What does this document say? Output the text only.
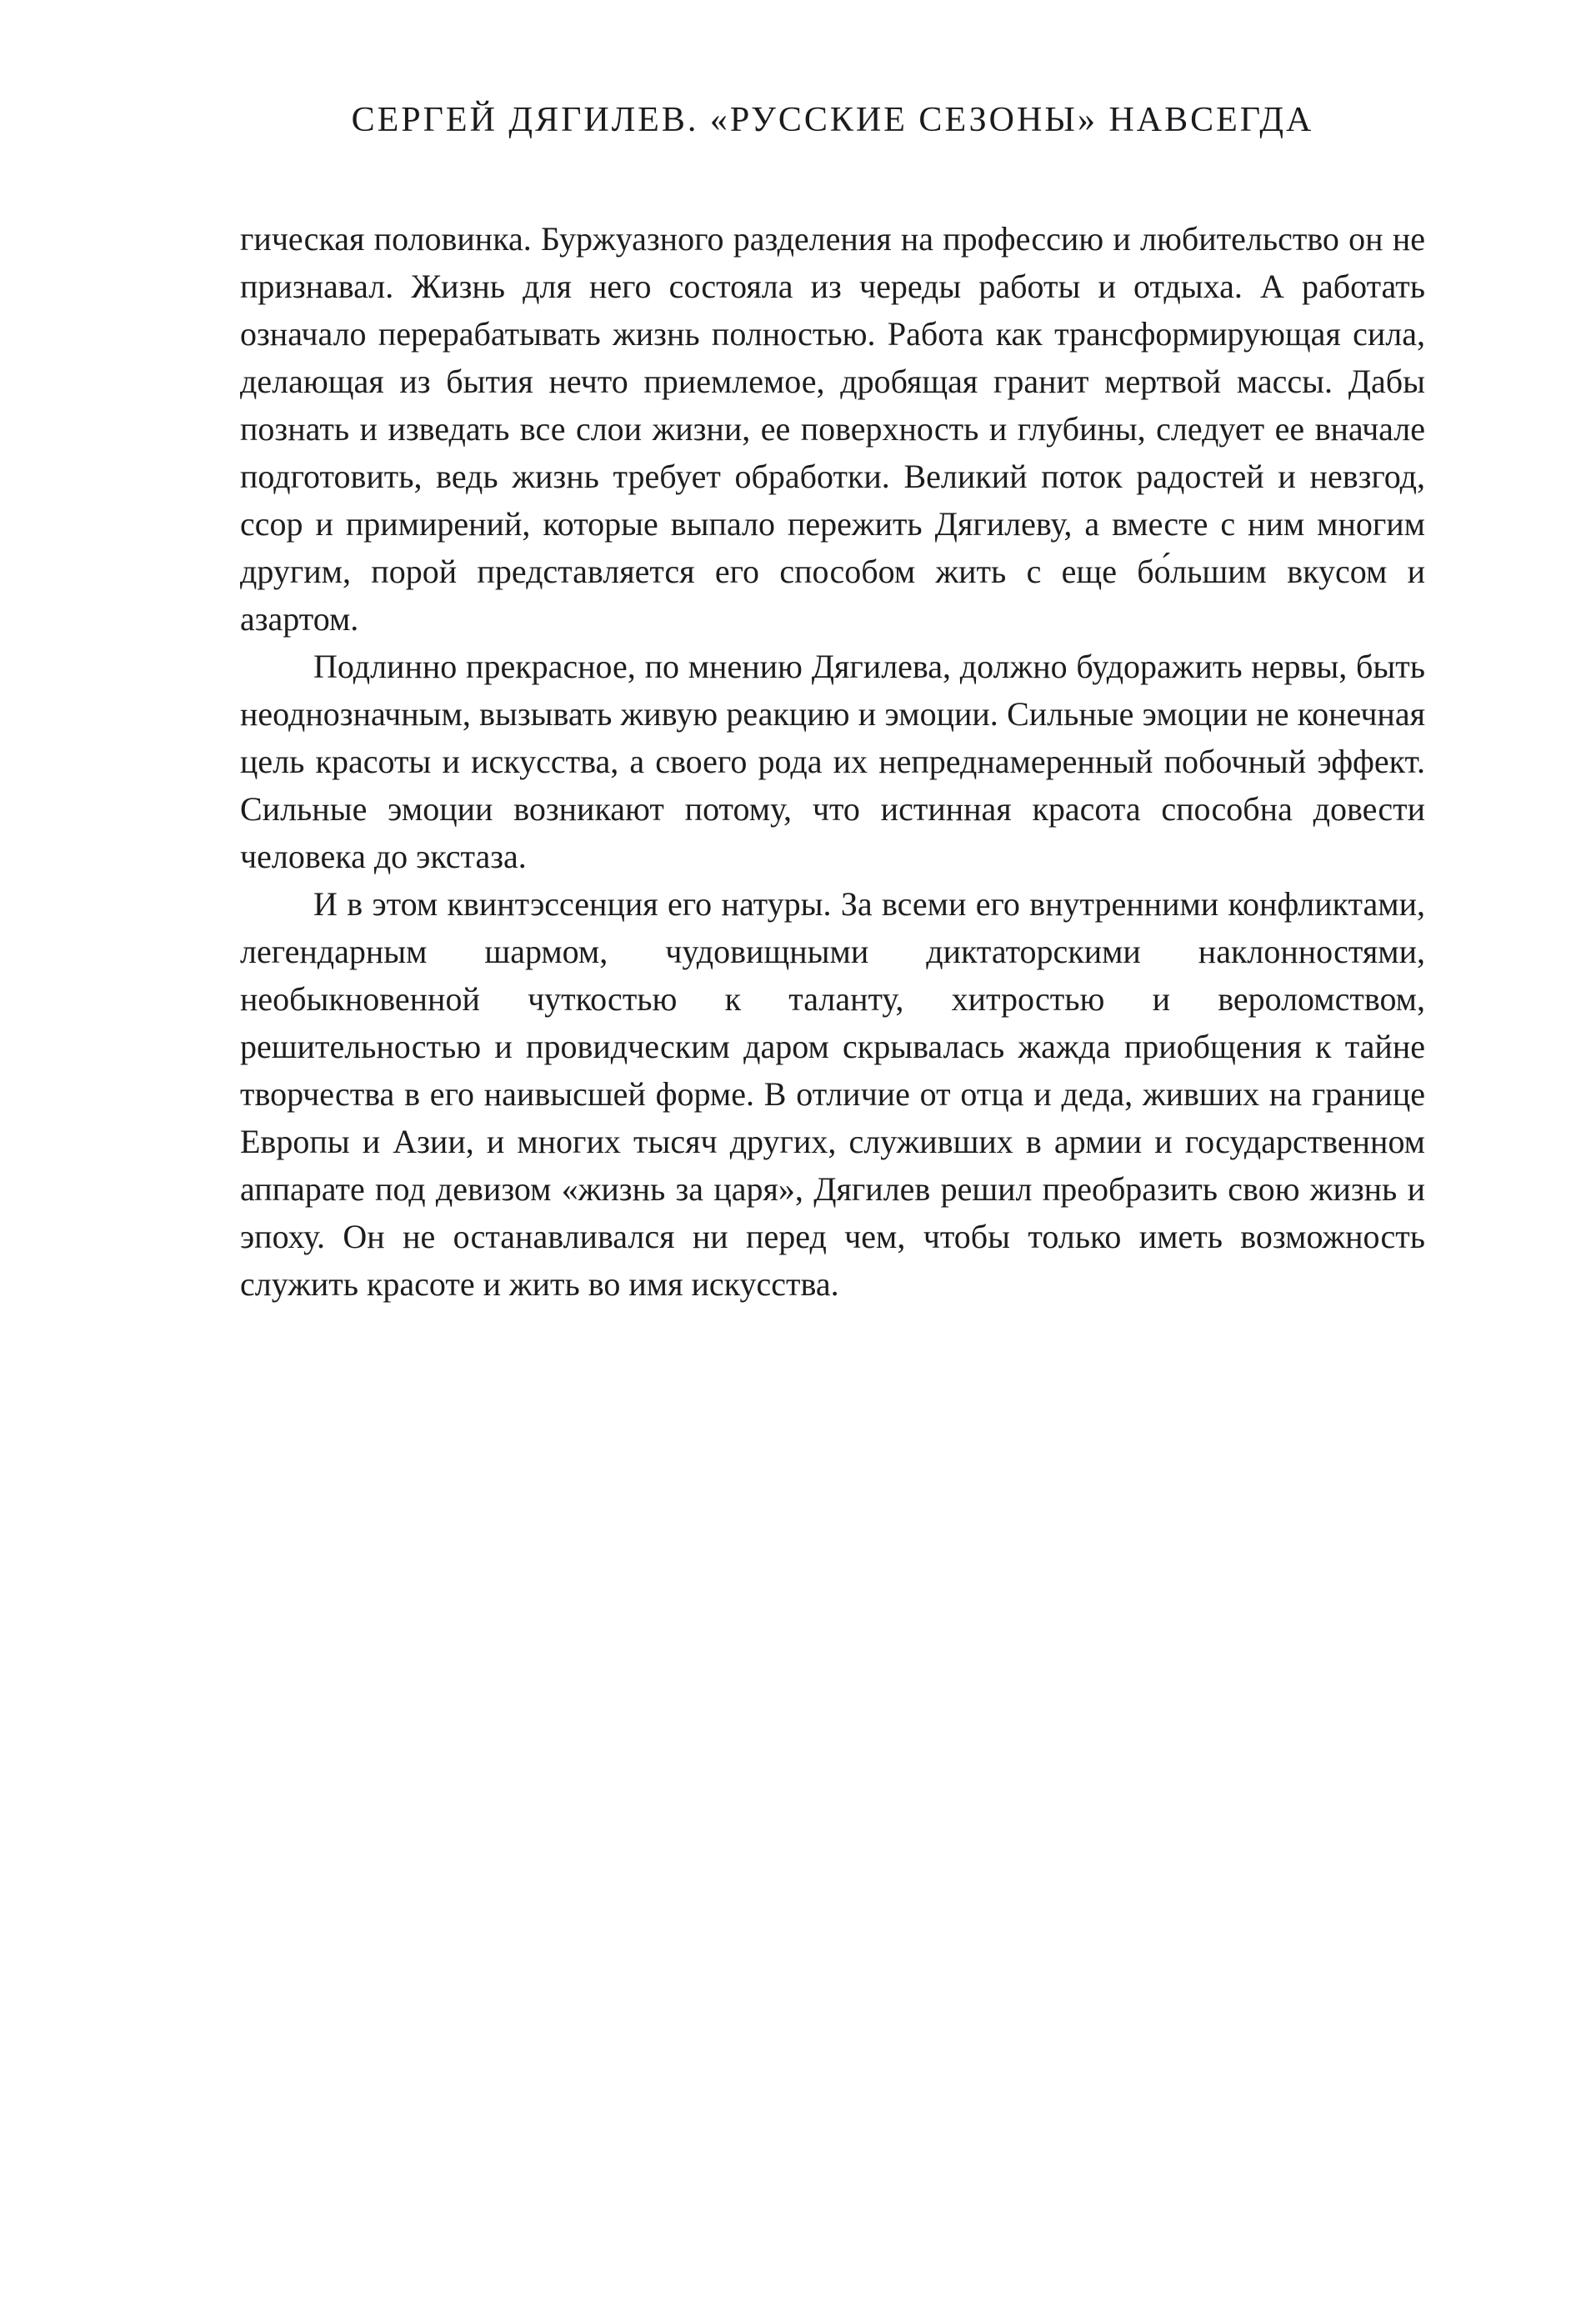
СЕРГЕЙ ДЯГИЛЕВ. «РУССКИЕ СЕЗОНЫ» НАВСЕГДА

гическая половинка. Буржуазного разделения на профессию и любительство он не признавал. Жизнь для него состояла из череды работы и отдыха. А работать означало перерабатывать жизнь полностью. Работа как трансформирующая сила, делающая из бытия нечто приемлемое, дробящая гранит мертвой массы. Дабы познать и изведать все слои жизни, ее поверхность и глубины, следует ее вначале подготовить, ведь жизнь требует обработки. Великий поток радостей и невзгод, ссор и примирений, которые выпало пережить Дягилеву, а вместе с ним многим другим, порой представляется его способом жить с еще бо́льшим вкусом и азартом.

Подлинно прекрасное, по мнению Дягилева, должно будоражить нервы, быть неоднозначным, вызывать живую реакцию и эмоции. Сильные эмоции не конечная цель красоты и искусства, а своего рода их непреднамеренный побочный эффект. Сильные эмоции возникают потому, что истинная красота способна довести человека до экстаза.

И в этом квинтэссенция его натуры. За всеми его внутренними конфликтами, легендарным шармом, чудовищными диктаторскими наклонностями, необыкновенной чуткостью к таланту, хитростью и вероломством, решительностью и провидческим даром скрывалась жажда приобщения к тайне творчества в его наивысшей форме. В отличие от отца и деда, живших на границе Европы и Азии, и многих тысяч других, служивших в армии и государственном аппарате под девизом «жизнь за царя», Дягилев решил преобразить свою жизнь и эпоху. Он не останавливался ни перед чем, чтобы только иметь возможность служить красоте и жить во имя искусства.
